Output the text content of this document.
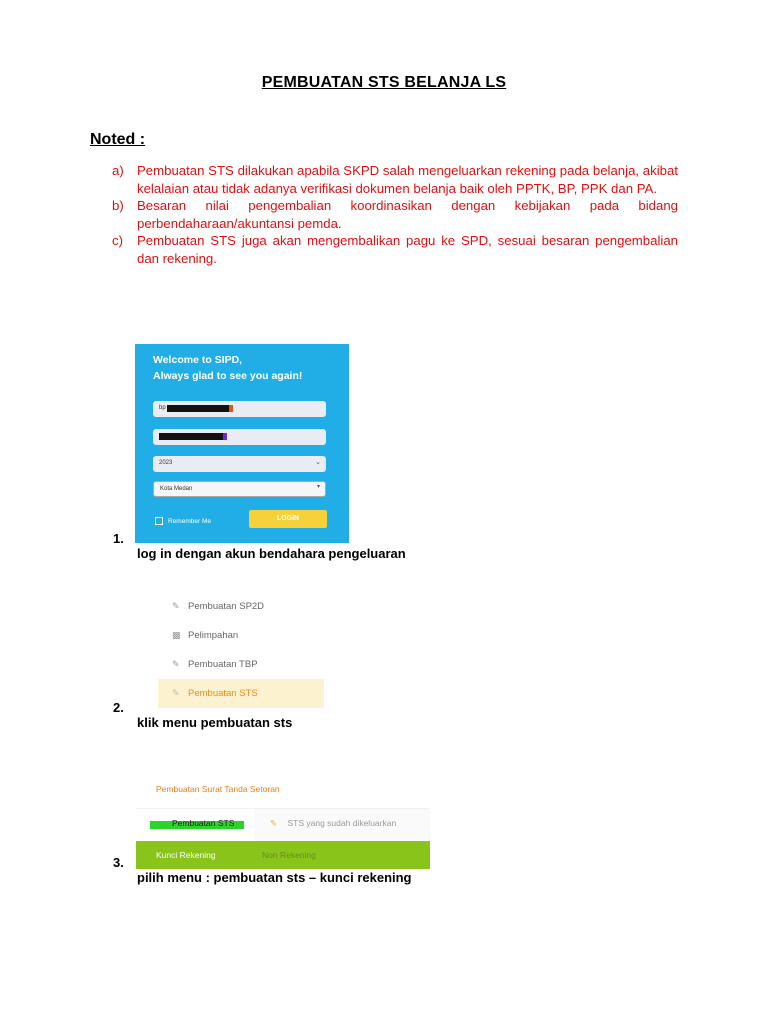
PEMBUATAN STS BELANJA LS
Noted :
a)	Pembuatan STS dilakukan apabila SKPD salah mengeluarkan rekening pada belanja, akibat kelalaian atau tidak adanya verifikasi dokumen belanja baik oleh PPTK, BP, PPK dan PA.
b)	Besaran nilai pengembalian koordinasikan dengan kebijakan pada bidang perbendaharaan/akuntansi pemda.
c)	Pembuatan STS juga akan mengembalikan pagu ke SPD, sesuai besaran pengembalian dan rekening.
Welcome to SIPD,
Always glad to see you again!
bp
2023	⌄
Kota Medan	▾
Remember Me	LOGIN
1.
log in dengan akun bendahara pengeluaran
✎ Pembuatan SP2D
▩ Pelimpahan
✎ Pembuatan TBP
✎ Pembuatan STS
2.
klik menu pembuatan sts
Pembuatan Surat Tanda Setoran
Pembuatan STS	✎ STS yang sudah dikeluarkan
Kunci Rekening	Non Rekening
3.
pilih menu : pembuatan sts – kunci rekening
